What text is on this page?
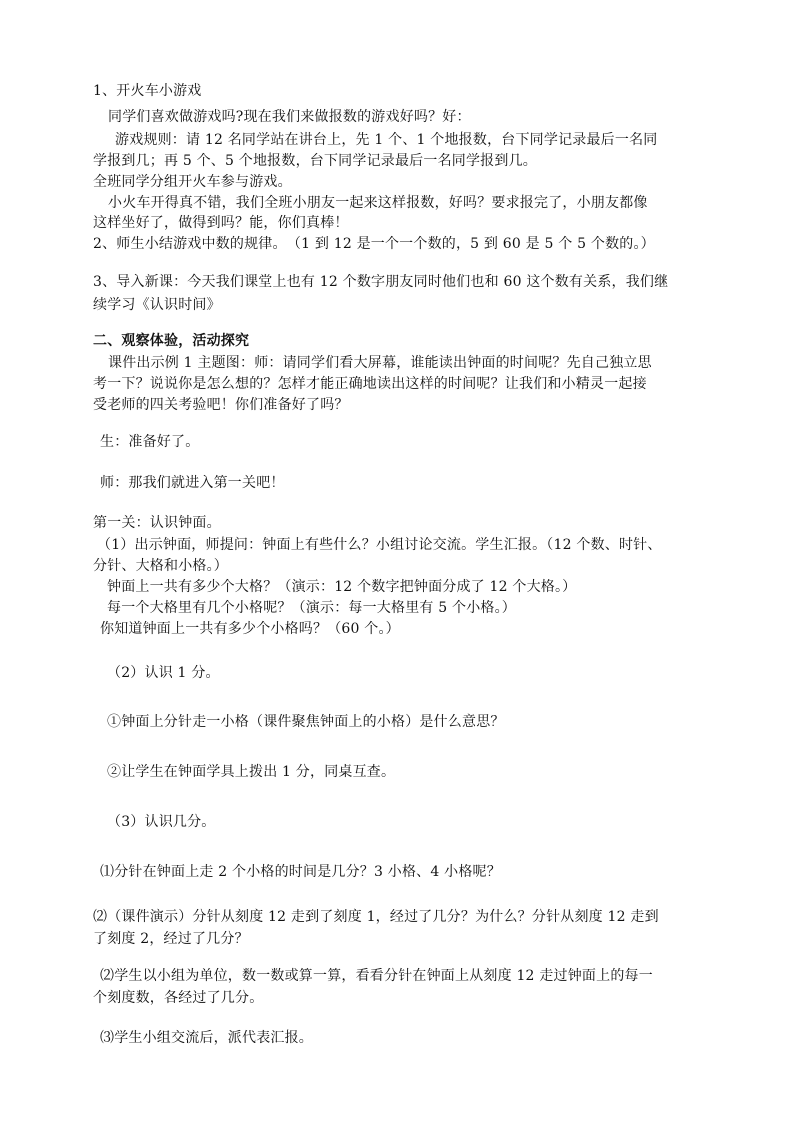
1、开火车小游戏
同学们喜欢做游戏吗?现在我们来做报数的游戏好吗？好：
游戏规则：请 12 名同学站在讲台上，先 1 个、1 个地报数，台下同学记录最后一名同
学报到几；再 5 个、5 个地报数，台下同学记录最后一名同学报到几。
全班同学分组开火车参与游戏。
小火车开得真不错，我们全班小朋友一起来这样报数，好吗？要求报完了，小朋友都像
这样坐好了，做得到吗？能，你们真棒！
2、师生小结游戏中数的规律。　（1 到 12 是一个一个数的，5 到 60 是 5 个 5 个数的。）
3、导入新课：今天我们课堂上也有 12 个数字朋友同时他们也和 60 这个数有关系，我们继
续学习《认识时间》
二、观察体验，活动探究
课件出示例 1 主题图：师：请同学们看大屏幕，谁能读出钟面的时间呢？先自己独立思
考一下？说说你是怎么想的？怎样才能正确地读出这样的时间呢？让我们和小精灵一起接
受老师的四关考验吧！你们准备好了吗？
生：准备好了。
师：那我们就进入第一关吧！
第一关：认识钟面。
（1）出示钟面，师提问：钟面上有些什么？小组讨论交流。学生汇报。（12 个数、时针、
分针、大格和小格。）
钟面上一共有多少个大格？（演示：12 个数字把钟面分成了 12 个大格。）
每一个大格里有几个小格呢？（演示：每一大格里有 5 个小格。）
你知道钟面上一共有多少个小格吗？（60 个。）
（2）认识 1 分。
①钟面上分针走一小格（课件聚焦钟面上的小格）是什么意思？
②让学生在钟面学具上拨出 1 分，同桌互查。
（3）认识几分。
⑴分针在钟面上走 2 个小格的时间是几分？3 小格、4 小格呢？
⑵（课件演示）分针从刻度 12 走到了刻度 1，经过了几分？为什么？分针从刻度 12 走到
了刻度 2，经过了几分？
⑵学生以小组为单位，数一数或算一算，看看分针在钟面上从刻度 12 走过钟面上的每一
个刻度数，各经过了几分。
⑶学生小组交流后，派代表汇报。
